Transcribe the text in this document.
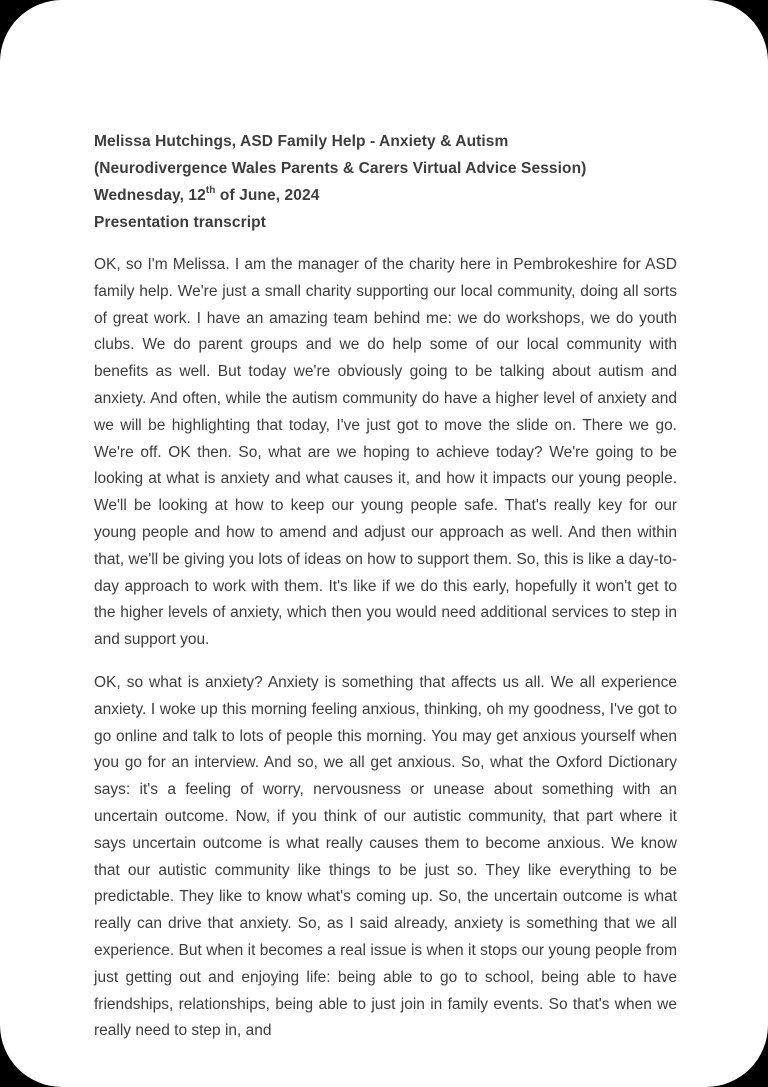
Melissa Hutchings, ASD Family Help - Anxiety & Autism

(Neurodivergence Wales Parents & Carers Virtual Advice Session)

Wednesday, 12th of June, 2024

Presentation transcript

OK, so I'm Melissa. I am the manager of the charity here in Pembrokeshire for ASD family help. We're just a small charity supporting our local community, doing all sorts of great work. I have an amazing team behind me: we do workshops, we do youth clubs. We do parent groups and we do help some of our local community with benefits as well. But today we're obviously going to be talking about autism and anxiety. And often, while the autism community do have a higher level of anxiety and we will be highlighting that today, I've just got to move the slide on. There we go. We're off. OK then. So, what are we hoping to achieve today? We're going to be looking at what is anxiety and what causes it, and how it impacts our young people. We'll be looking at how to keep our young people safe. That's really key for our young people and how to amend and adjust our approach as well. And then within that, we'll be giving you lots of ideas on how to support them. So, this is like a day-to-day approach to work with them. It's like if we do this early, hopefully it won't get to the higher levels of anxiety, which then you would need additional services to step in and support you.

OK, so what is anxiety? Anxiety is something that affects us all. We all experience anxiety. I woke up this morning feeling anxious, thinking, oh my goodness, I've got to go online and talk to lots of people this morning. You may get anxious yourself when you go for an interview. And so, we all get anxious. So, what the Oxford Dictionary says: it's a feeling of worry, nervousness or unease about something with an uncertain outcome. Now, if you think of our autistic community, that part where it says uncertain outcome is what really causes them to become anxious. We know that our autistic community like things to be just so. They like everything to be predictable. They like to know what's coming up. So, the uncertain outcome is what really can drive that anxiety. So, as I said already, anxiety is something that we all experience. But when it becomes a real issue is when it stops our young people from just getting out and enjoying life: being able to go to school, being able to have friendships, relationships, being able to just join in family events. So that's when we really need to step in, and
